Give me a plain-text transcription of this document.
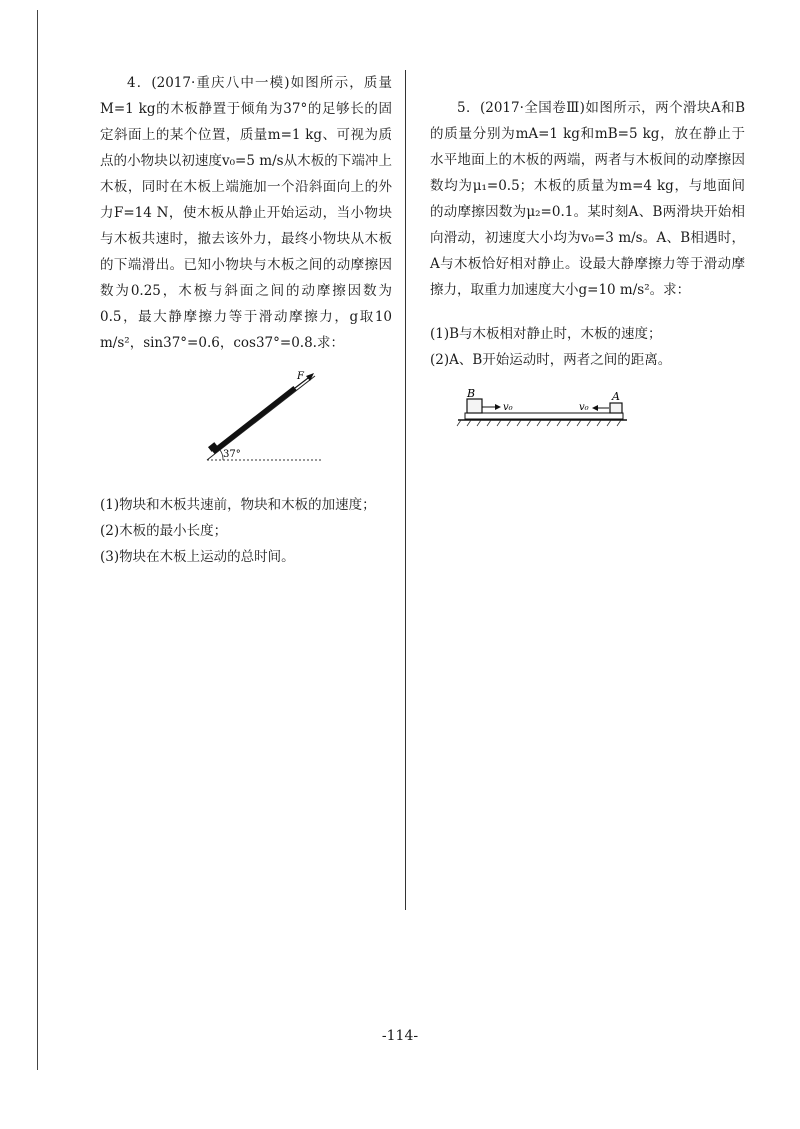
4．(2017·重庆八中一模)如图所示，质量M=1 kg的木板静置于倾角为37°的足够长的固定斜面上的某个位置，质量m=1 kg、可视为质点的小物块以初速度v₀=5 m/s从木板的下端冲上木板，同时在木板上端施加一个沿斜面向上的外力F=14 N，使木板从静止开始运动，当小物块与木板共速时，撤去该外力，最终小物块从木板的下端滑出。已知小物块与木板之间的动摩擦因数为0.25，木板与斜面之间的动摩擦因数为0.5，最大静摩擦力等于滑动摩擦力，g取10 m/s²，sin37°=0.6，cos37°=0.8.求：

(1)物块和木板共速前，物块和木板的加速度；

(2)木板的最小长度；

(3)物块在木板上运动的总时间。

F
37°

5．(2017·全国卷Ⅲ)如图所示，两个滑块A和B的质量分别为mA=1 kg和mB=5 kg，放在静止于水平地面上的木板的两端，两者与木板间的动摩擦因数均为μ₁=0.5；木板的质量为m=4 kg，与地面间的动摩擦因数为μ₂=0.1。某时刻A、B两滑块开始相向滑动，初速度大小均为v₀=3 m/s。A、B相遇时，A与木板恰好相对静止。设最大静摩擦力等于滑动摩擦力，取重力加速度大小g=10 m/s²。求：

(1)B与木板相对静止时，木板的速度；

(2)A、B开始运动时，两者之间的距离。

B	A
v₀	v₀
-114-
